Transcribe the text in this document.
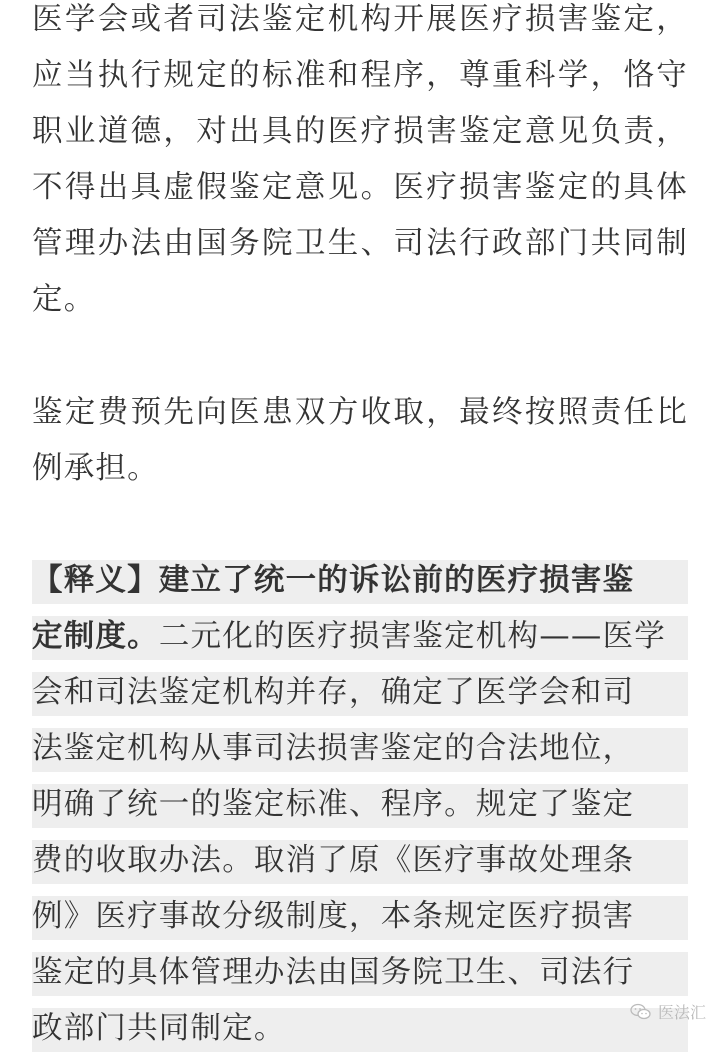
医学会或者司法鉴定机构开展医疗损害鉴定，应当执行规定的标准和程序，尊重科学，恪守职业道德，对出具的医疗损害鉴定意见负责，不得出具虚假鉴定意见。医疗损害鉴定的具体管理办法由国务院卫生、司法行政部门共同制定。

鉴定费预先向医患双方收取，最终按照责任比例承担。

【释义】建立了统一的诉讼前的医疗损害鉴
定制度。二元化的医疗损害鉴定机构——医学
会和司法鉴定机构并存，确定了医学会和司
法鉴定机构从事司法损害鉴定的合法地位，
明确了统一的鉴定标准、程序。规定了鉴定
费的收取办法。取消了原《医疗事故处理条
例》医疗事故分级制度，本条规定医疗损害
鉴定的具体管理办法由国务院卫生、司法行
政部门共同制定。	医法汇
